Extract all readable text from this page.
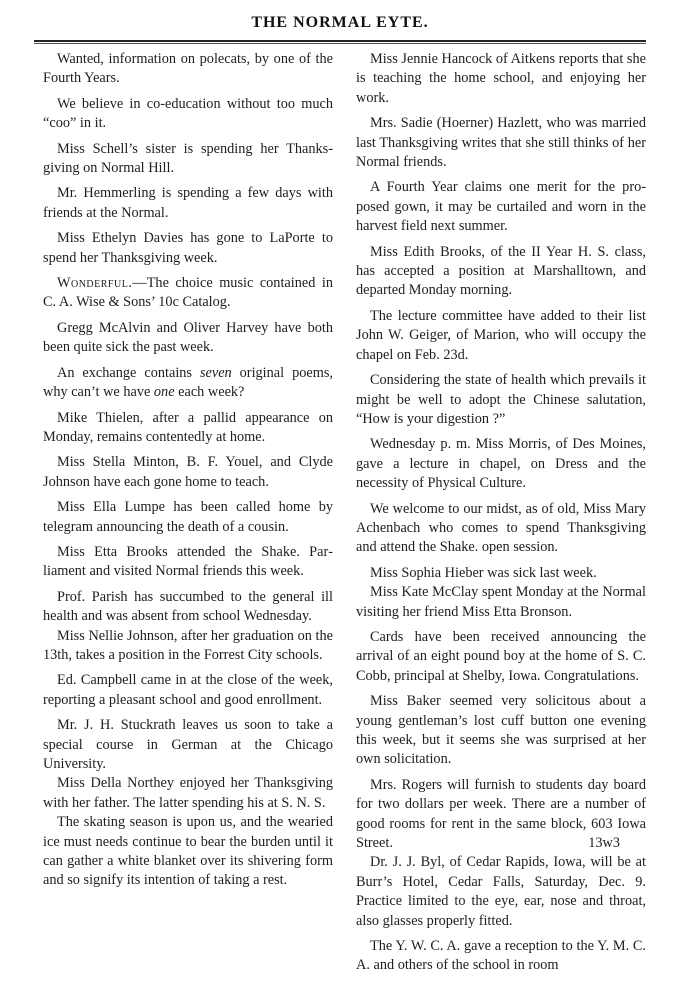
THE NORMAL EYTE.

Wanted, information on polecats, by one of the Fourth Years.

We believe in co-education without too much “coo” in it.

Miss Schell’s sister is spending her Thanksgiving on Normal Hill.

Mr. Hemmerling is spending a few days with friends at the Normal.

Miss Ethelyn Davies has gone to LaPorte to spend her Thanksgiving week.

Wonderful.—The choice music contained in C. A. Wise & Sons’ 10c Catalog.

Gregg McAlvin and Oliver Harvey have both been quite sick the past week.

An exchange contains seven original poems, why can’t we have one each week?

Mike Thielen, after a pallid appearance on Monday, remains contentedly at home.

Miss Stella Minton, B. F. Youel, and Clyde Johnson have each gone home to teach.

Miss Ella Lumpe has been called home by telegram announcing the death of a cousin.

Miss Etta Brooks attended the Shake. Parliament and visited Normal friends this week.

Prof. Parish has succumbed to the general ill health and was absent from school Wednesday.

Miss Nellie Johnson, after her graduation on the 13th, takes a position in the Forrest City schools.

Ed. Campbell came in at the close of the week, reporting a pleasant school and good enrollment.

Mr. J. H. Stuckrath leaves us soon to take a special course in German at the Chicago University.

Miss Della Northey enjoyed her Thanksgiving with her father. The latter spending his at S. N. S.

The skating season is upon us, and the wearied ice must needs continue to bear the burden until it can gather a white blanket over its shivering form and so signify its intention of taking a rest.

Miss Jennie Hancock of Aitkens reports that she is teaching the home school, and enjoying her work.

Mrs. Sadie (Hoerner) Hazlett, who was married last Thanksgiving writes that she still thinks of her Normal friends.

A Fourth Year claims one merit for the proposed gown, it may be curtailed and worn in the harvest field next summer.

Miss Edith Brooks, of the II Year H. S. class, has accepted a position at Marshalltown, and departed Monday morning.

The lecture committee have added to their list John W. Geiger, of Marion, who will occupy the chapel on Feb. 23d.

Considering the state of health which prevails it might be well to adopt the Chinese salutation, “How is your digestion ?”

Wednesday p. m. Miss Morris, of Des Moines, gave a lecture in chapel, on Dress and the necessity of Physical Culture.

We welcome to our midst, as of old, Miss Mary Achenbach who comes to spend Thanksgiving and attend the Shake. open session.

Miss Sophia Hieber was sick last week.

Miss Kate McClay spent Monday at the Normal visiting her friend Miss Etta Bronson.

Cards have been received announcing the arrival of an eight pound boy at the home of S. C. Cobb, principal at Shelby, Iowa. Congratulations.

Miss Baker seemed very solicitous about a young gentleman’s lost cuff button one evening this week, but it seems she was surprised at her own solicitation.

Mrs. Rogers will furnish to students day board for two dollars per week. There are a number of good rooms for rent in the same block, 603 Iowa Street.	13w3

Dr. J. J. Byl, of Cedar Rapids, Iowa, will be at Burr’s Hotel, Cedar Falls, Saturday, Dec. 9. Practice limited to the eye, ear, nose and throat, also glasses properly fitted.

The Y. W. C. A. gave a reception to the Y. M. C. A. and others of the school in room
